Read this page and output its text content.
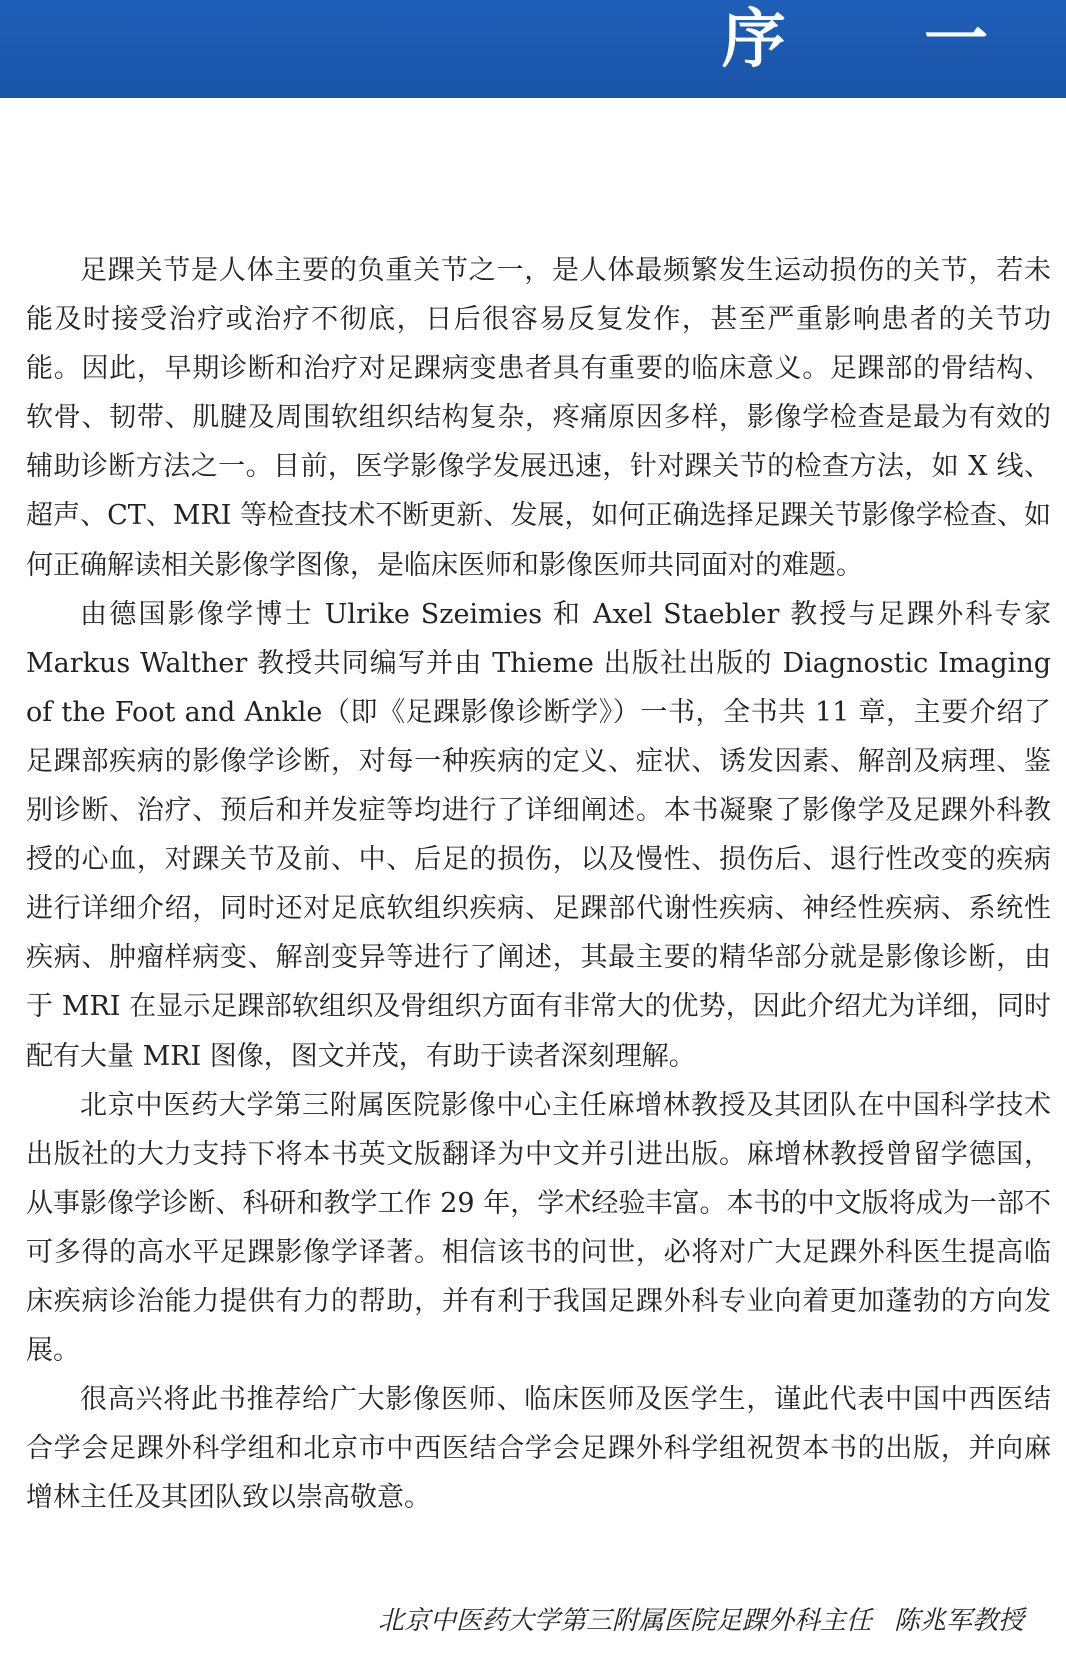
序 一

足踝关节是人体主要的负重关节之一，是人体最频繁发生运动损伤的关节，若未能及时接受治疗或治疗不彻底，日后很容易反复发作，甚至严重影响患者的关节功能。因此，早期诊断和治疗对足踝病变患者具有重要的临床意义。足踝部的骨结构、软骨、韧带、肌腱及周围软组织结构复杂，疼痛原因多样，影像学检查是最为有效的辅助诊断方法之一。目前，医学影像学发展迅速，针对踝关节的检查方法，如 X 线、超声、CT、MRI 等检查技术不断更新、发展，如何正确选择足踝关节影像学检查、如何正确解读相关影像学图像，是临床医师和影像医师共同面对的难题。

由德国影像学博士 Ulrike Szeimies 和 Axel Staebler 教授与足踝外科专家 Markus Walther 教授共同编写并由 Thieme 出版社出版的 Diagnostic Imaging of the Foot and Ankle（即《足踝影像诊断学》）一书，全书共 11 章，主要介绍了足踝部疾病的影像学诊断，对每一种疾病的定义、症状、诱发因素、解剖及病理、鉴别诊断、治疗、预后和并发症等均进行了详细阐述。本书凝聚了影像学及足踝外科教授的心血，对踝关节及前、中、后足的损伤，以及慢性、损伤后、退行性改变的疾病进行详细介绍，同时还对足底软组织疾病、足踝部代谢性疾病、神经性疾病、系统性疾病、肿瘤样病变、解剖变异等进行了阐述，其最主要的精华部分就是影像诊断，由于 MRI 在显示足踝部软组织及骨组织方面有非常大的优势，因此介绍尤为详细，同时配有大量 MRI 图像，图文并茂，有助于读者深刻理解。

北京中医药大学第三附属医院影像中心主任麻增林教授及其团队在中国科学技术出版社的大力支持下将本书英文版翻译为中文并引进出版。麻增林教授曾留学德国，从事影像学诊断、科研和教学工作 29 年，学术经验丰富。本书的中文版将成为一部不可多得的高水平足踝影像学译著。相信该书的问世，必将对广大足踝外科医生提高临床疾病诊治能力提供有力的帮助，并有利于我国足踝外科专业向着更加蓬勃的方向发展。

很高兴将此书推荐给广大影像医师、临床医师及医学生，谨此代表中国中西医结合学会足踝外科学组和北京市中西医结合学会足踝外科学组祝贺本书的出版，并向麻增林主任及其团队致以崇高敬意。

北京中医药大学第三附属医院足踝外科主任 陈兆军教授
